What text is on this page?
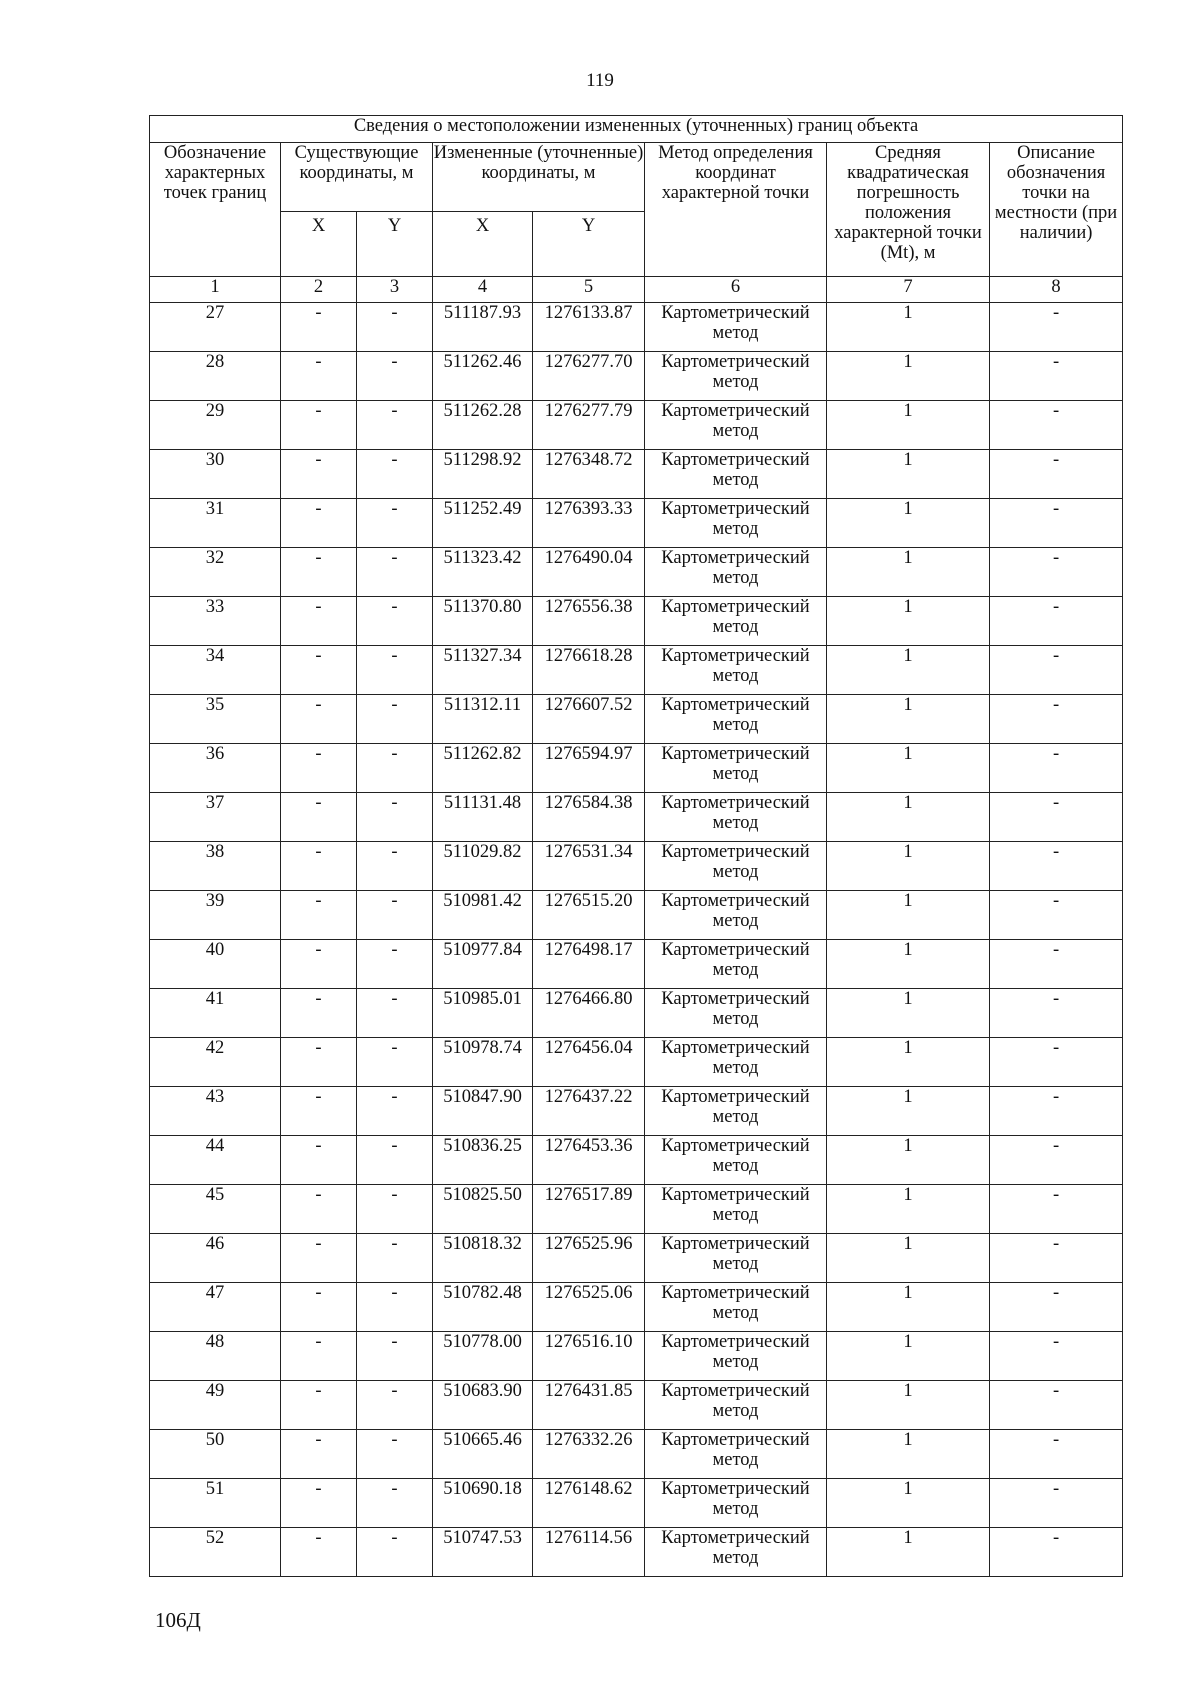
119
Сведения о местоположении измененных (уточненных) границ объекта							
Обозначение характерных точек границ	Существующие координаты, м		Измененные (уточненные) координаты, м		Метод определения координат характерной точки	Средняя квадратическая погрешность положения характерной точки (Mt), м	Описание обозначения точки на местности (при наличии)
	X	Y	X	Y			
1	2	3	4	5	6	7	8
27	-	-	511187.93	1276133.87	Картометрический метод	1	-
28	-	-	511262.46	1276277.70	Картометрический метод	1	-
29	-	-	511262.28	1276277.79	Картометрический метод	1	-
30	-	-	511298.92	1276348.72	Картометрический метод	1	-
31	-	-	511252.49	1276393.33	Картометрический метод	1	-
32	-	-	511323.42	1276490.04	Картометрический метод	1	-
33	-	-	511370.80	1276556.38	Картометрический метод	1	-
34	-	-	511327.34	1276618.28	Картометрический метод	1	-
35	-	-	511312.11	1276607.52	Картометрический метод	1	-
36	-	-	511262.82	1276594.97	Картометрический метод	1	-
37	-	-	511131.48	1276584.38	Картометрический метод	1	-
38	-	-	511029.82	1276531.34	Картометрический метод	1	-
39	-	-	510981.42	1276515.20	Картометрический метод	1	-
40	-	-	510977.84	1276498.17	Картометрический метод	1	-
41	-	-	510985.01	1276466.80	Картометрический метод	1	-
42	-	-	510978.74	1276456.04	Картометрический метод	1	-
43	-	-	510847.90	1276437.22	Картометрический метод	1	-
44	-	-	510836.25	1276453.36	Картометрический метод	1	-
45	-	-	510825.50	1276517.89	Картометрический метод	1	-
46	-	-	510818.32	1276525.96	Картометрический метод	1	-
47	-	-	510782.48	1276525.06	Картометрический метод	1	-
48	-	-	510778.00	1276516.10	Картометрический метод	1	-
49	-	-	510683.90	1276431.85	Картометрический метод	1	-
50	-	-	510665.46	1276332.26	Картометрический метод	1	-
51	-	-	510690.18	1276148.62	Картометрический метод	1	-
52	-	-	510747.53	1276114.56	Картометрический метод	1	-
106Д
